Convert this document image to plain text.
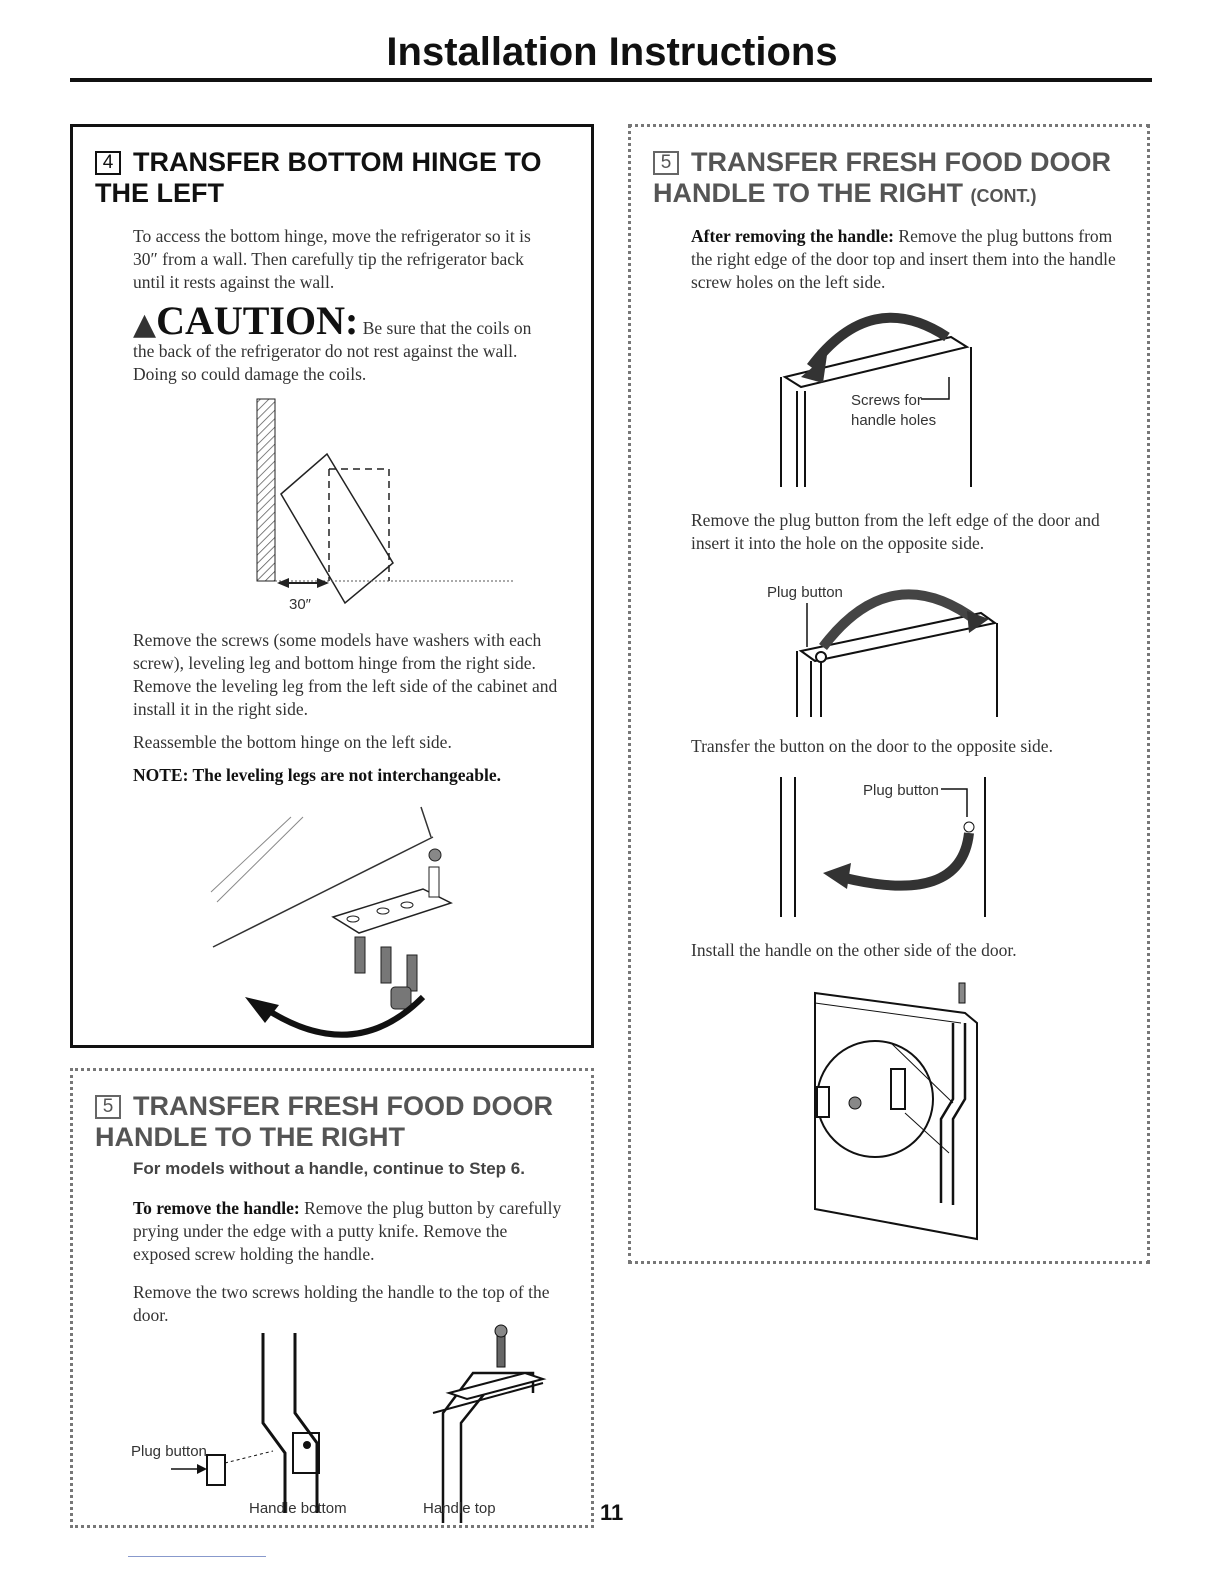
Installation Instructions
4 TRANSFER BOTTOM HINGE TO THE LEFT

To access the bottom hinge, move the refrigerator so it is 30″ from a wall. Then carefully tip the refrigerator back until it rests against the wall.

▲CAUTION: Be sure that the coils on the back of the refrigerator do not rest against the wall. Doing so could damage the coils.

30″

Remove the screws (some models have washers with each screw), leveling leg and bottom hinge from the right side. Remove the leveling leg from the left side of the cabinet and install it in the right side.

Reassemble the bottom hinge on the left side.

NOTE: The leveling legs are not interchangeable.

5 TRANSFER FRESH FOOD DOOR HANDLE TO THE RIGHT

For models without a handle, continue to Step 6.

To remove the handle: Remove the plug button by carefully prying under the edge with a putty knife. Remove the exposed screw holding the handle.

Remove the two screws holding the handle to the top of the door.

Plug button
Handle bottom	Handle top
5 TRANSFER FRESH FOOD DOOR HANDLE TO THE RIGHT (CONT.)

After removing the handle: Remove the plug buttons from the right edge of the door top and insert them into the handle screw holes on the left side.

Screws for
handle holes

Remove the plug button from the left edge of the door and insert it into the hole on the opposite side.

Plug button

Transfer the button on the door to the opposite side.

Plug button

Install the handle on the other side of the door.

11
